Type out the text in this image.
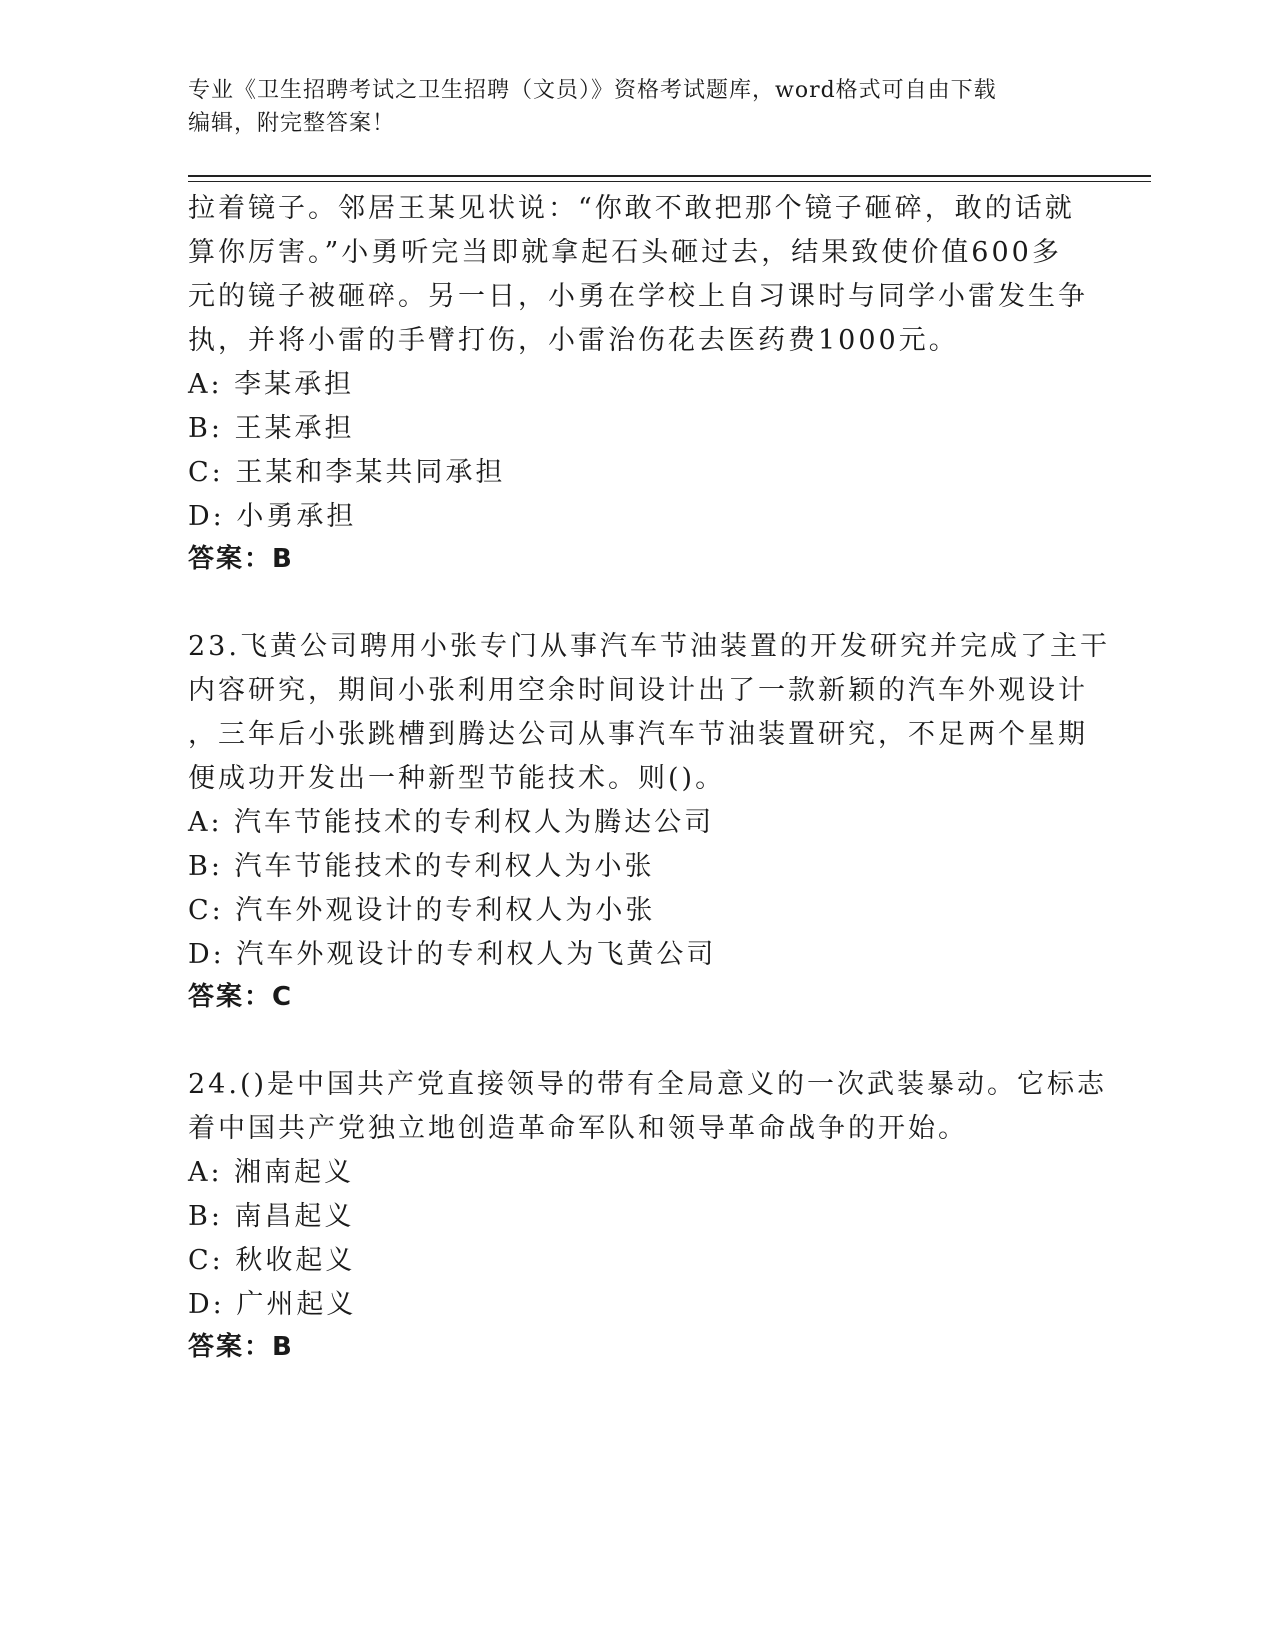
专业《卫生招聘考试之卫生招聘（文员）》资格考试题库，word格式可自由下载
编辑，附完整答案！
拉着镜子。邻居王某见状说：“你敢不敢把那个镜子砸碎，敢的话就
算你厉害。”小勇听完当即就拿起石头砸过去，结果致使价值600多
元的镜子被砸碎。另一日，小勇在学校上自习课时与同学小雷发生争
执，并将小雷的手臂打伤，小雷治伤花去医药费1000元。
A: 李某承担
B: 王某承担
C: 王某和李某共同承担
D: 小勇承担
答案：B
23.飞黄公司聘用小张专门从事汽车节油装置的开发研究并完成了主干
内容研究，期间小张利用空余时间设计出了一款新颖的汽车外观设计
，三年后小张跳槽到腾达公司从事汽车节油装置研究，不足两个星期
便成功开发出一种新型节能技术。则()。
A: 汽车节能技术的专利权人为腾达公司
B: 汽车节能技术的专利权人为小张
C: 汽车外观设计的专利权人为小张
D: 汽车外观设计的专利权人为飞黄公司
答案：C
24.()是中国共产党直接领导的带有全局意义的一次武装暴动。它标志
着中国共产党独立地创造革命军队和领导革命战争的开始。
A: 湘南起义
B: 南昌起义
C: 秋收起义
D: 广州起义
答案：B
